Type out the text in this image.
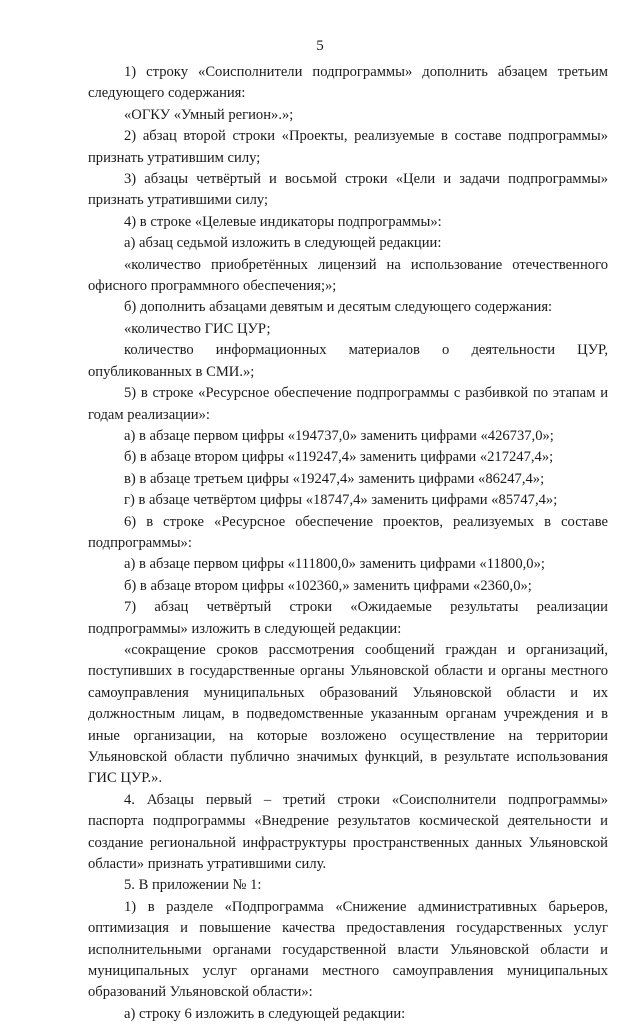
5

1) строку «Соисполнители подпрограммы» дополнить абзацем третьим следующего содержания:

«ОГКУ «Умный регион».»;

2) абзац второй строки «Проекты, реализуемые в составе подпрограммы» признать утратившим силу;

3) абзацы четвёртый и восьмой строки «Цели и задачи подпрограммы» признать утратившими силу;

4) в строке «Целевые индикаторы подпрограммы»:

а) абзац седьмой изложить в следующей редакции:

«количество приобретённых лицензий на использование отечественного офисного программного обеспечения;»;

б) дополнить абзацами девятым и десятым следующего содержания:

«количество ГИС ЦУР;

количество информационных материалов о деятельности ЦУР, опубликованных в СМИ.»;

5) в строке «Ресурсное обеспечение подпрограммы с разбивкой по этапам и годам реализации»:

а) в абзаце первом цифры «194737,0» заменить цифрами «426737,0»;

б) в абзаце втором цифры «119247,4» заменить цифрами «217247,4»;

в) в абзаце третьем цифры «19247,4» заменить цифрами «86247,4»;

г) в абзаце четвёртом цифры «18747,4» заменить цифрами «85747,4»;

6) в строке «Ресурсное обеспечение проектов, реализуемых в составе подпрограммы»:

а) в абзаце первом цифры «111800,0» заменить цифрами «11800,0»;

б) в абзаце втором цифры «102360,» заменить цифрами «2360,0»;

7) абзац четвёртый строки «Ожидаемые результаты реализации подпрограммы» изложить в следующей редакции:

«сокращение сроков рассмотрения сообщений граждан и организаций, поступивших в государственные органы Ульяновской области и органы местного самоуправления муниципальных образований Ульяновской области и их должностным лицам, в подведомственные указанным органам учреждения и в иные организации, на которые возложено осуществление на территории Ульяновской области публично значимых функций, в результате использования ГИС ЦУР.».

4. Абзацы первый – третий строки «Соисполнители подпрограммы» паспорта подпрограммы «Внедрение результатов космической деятельности и создание региональной инфраструктуры пространственных данных Ульяновской области» признать утратившими силу.

5. В приложении № 1:

1) в разделе «Подпрограмма «Снижение административных барьеров, оптимизация и повышение качества предоставления государственных услуг исполнительными органами государственной власти Ульяновской области и муниципальных услуг органами местного самоуправления муниципальных образований Ульяновской области»:

а) строку 6 изложить в следующей редакции:
